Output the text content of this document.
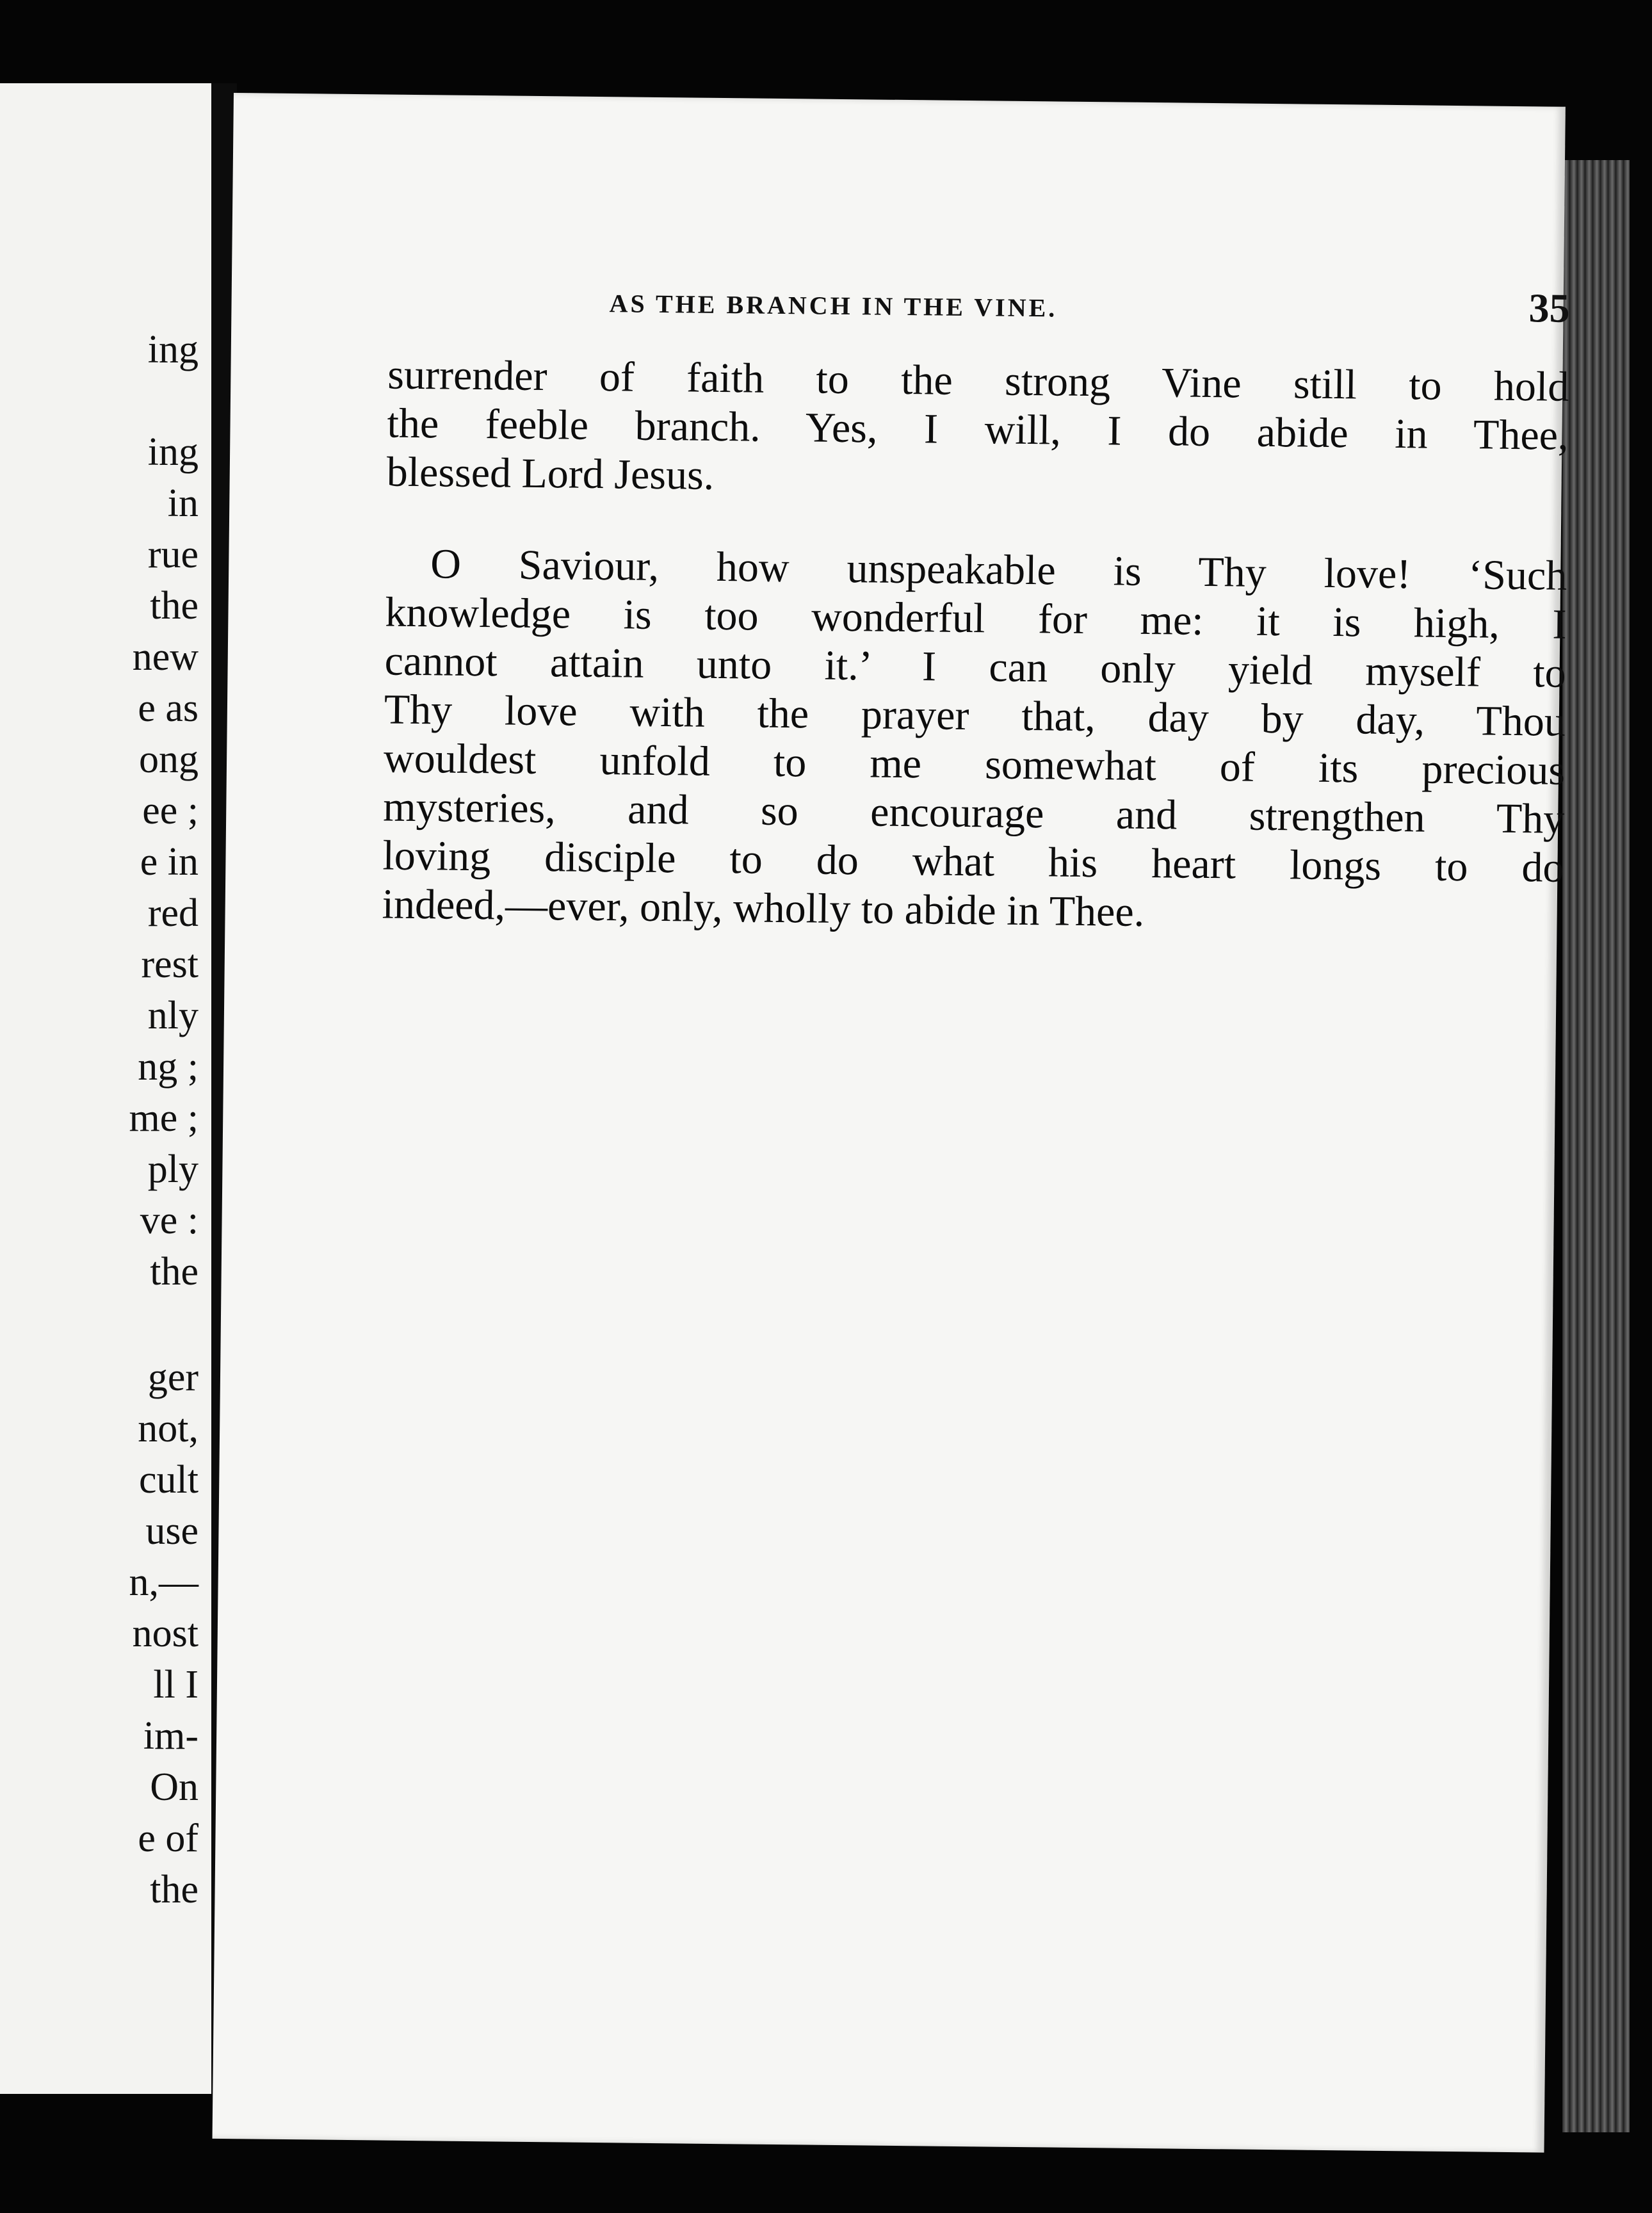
ing
ing
in
rue
the
new
e as
ong
ee ;
e in
red
rest
nly
ng ;
me ;
ply
ve :
the
ger
not,
cult
use
n,—
nost
ll I
im-
On
e of
the
AS THE BRANCH IN THE VINE.	35
surrender of faith to the strong Vine still to hold
the feeble branch. Yes, I will, I do abide in Thee,
blessed Lord Jesus.
O Saviour, how unspeakable is Thy love! ‘Such
knowledge is too wonderful for me: it is high, I
cannot attain unto it.’ I can only yield myself to
Thy love with the prayer that, day by day, Thou
wouldest unfold to me somewhat of its precious
mysteries, and so encourage and strengthen Thy
loving disciple to do what his heart longs to do
indeed,—ever, only, wholly to abide in Thee.
